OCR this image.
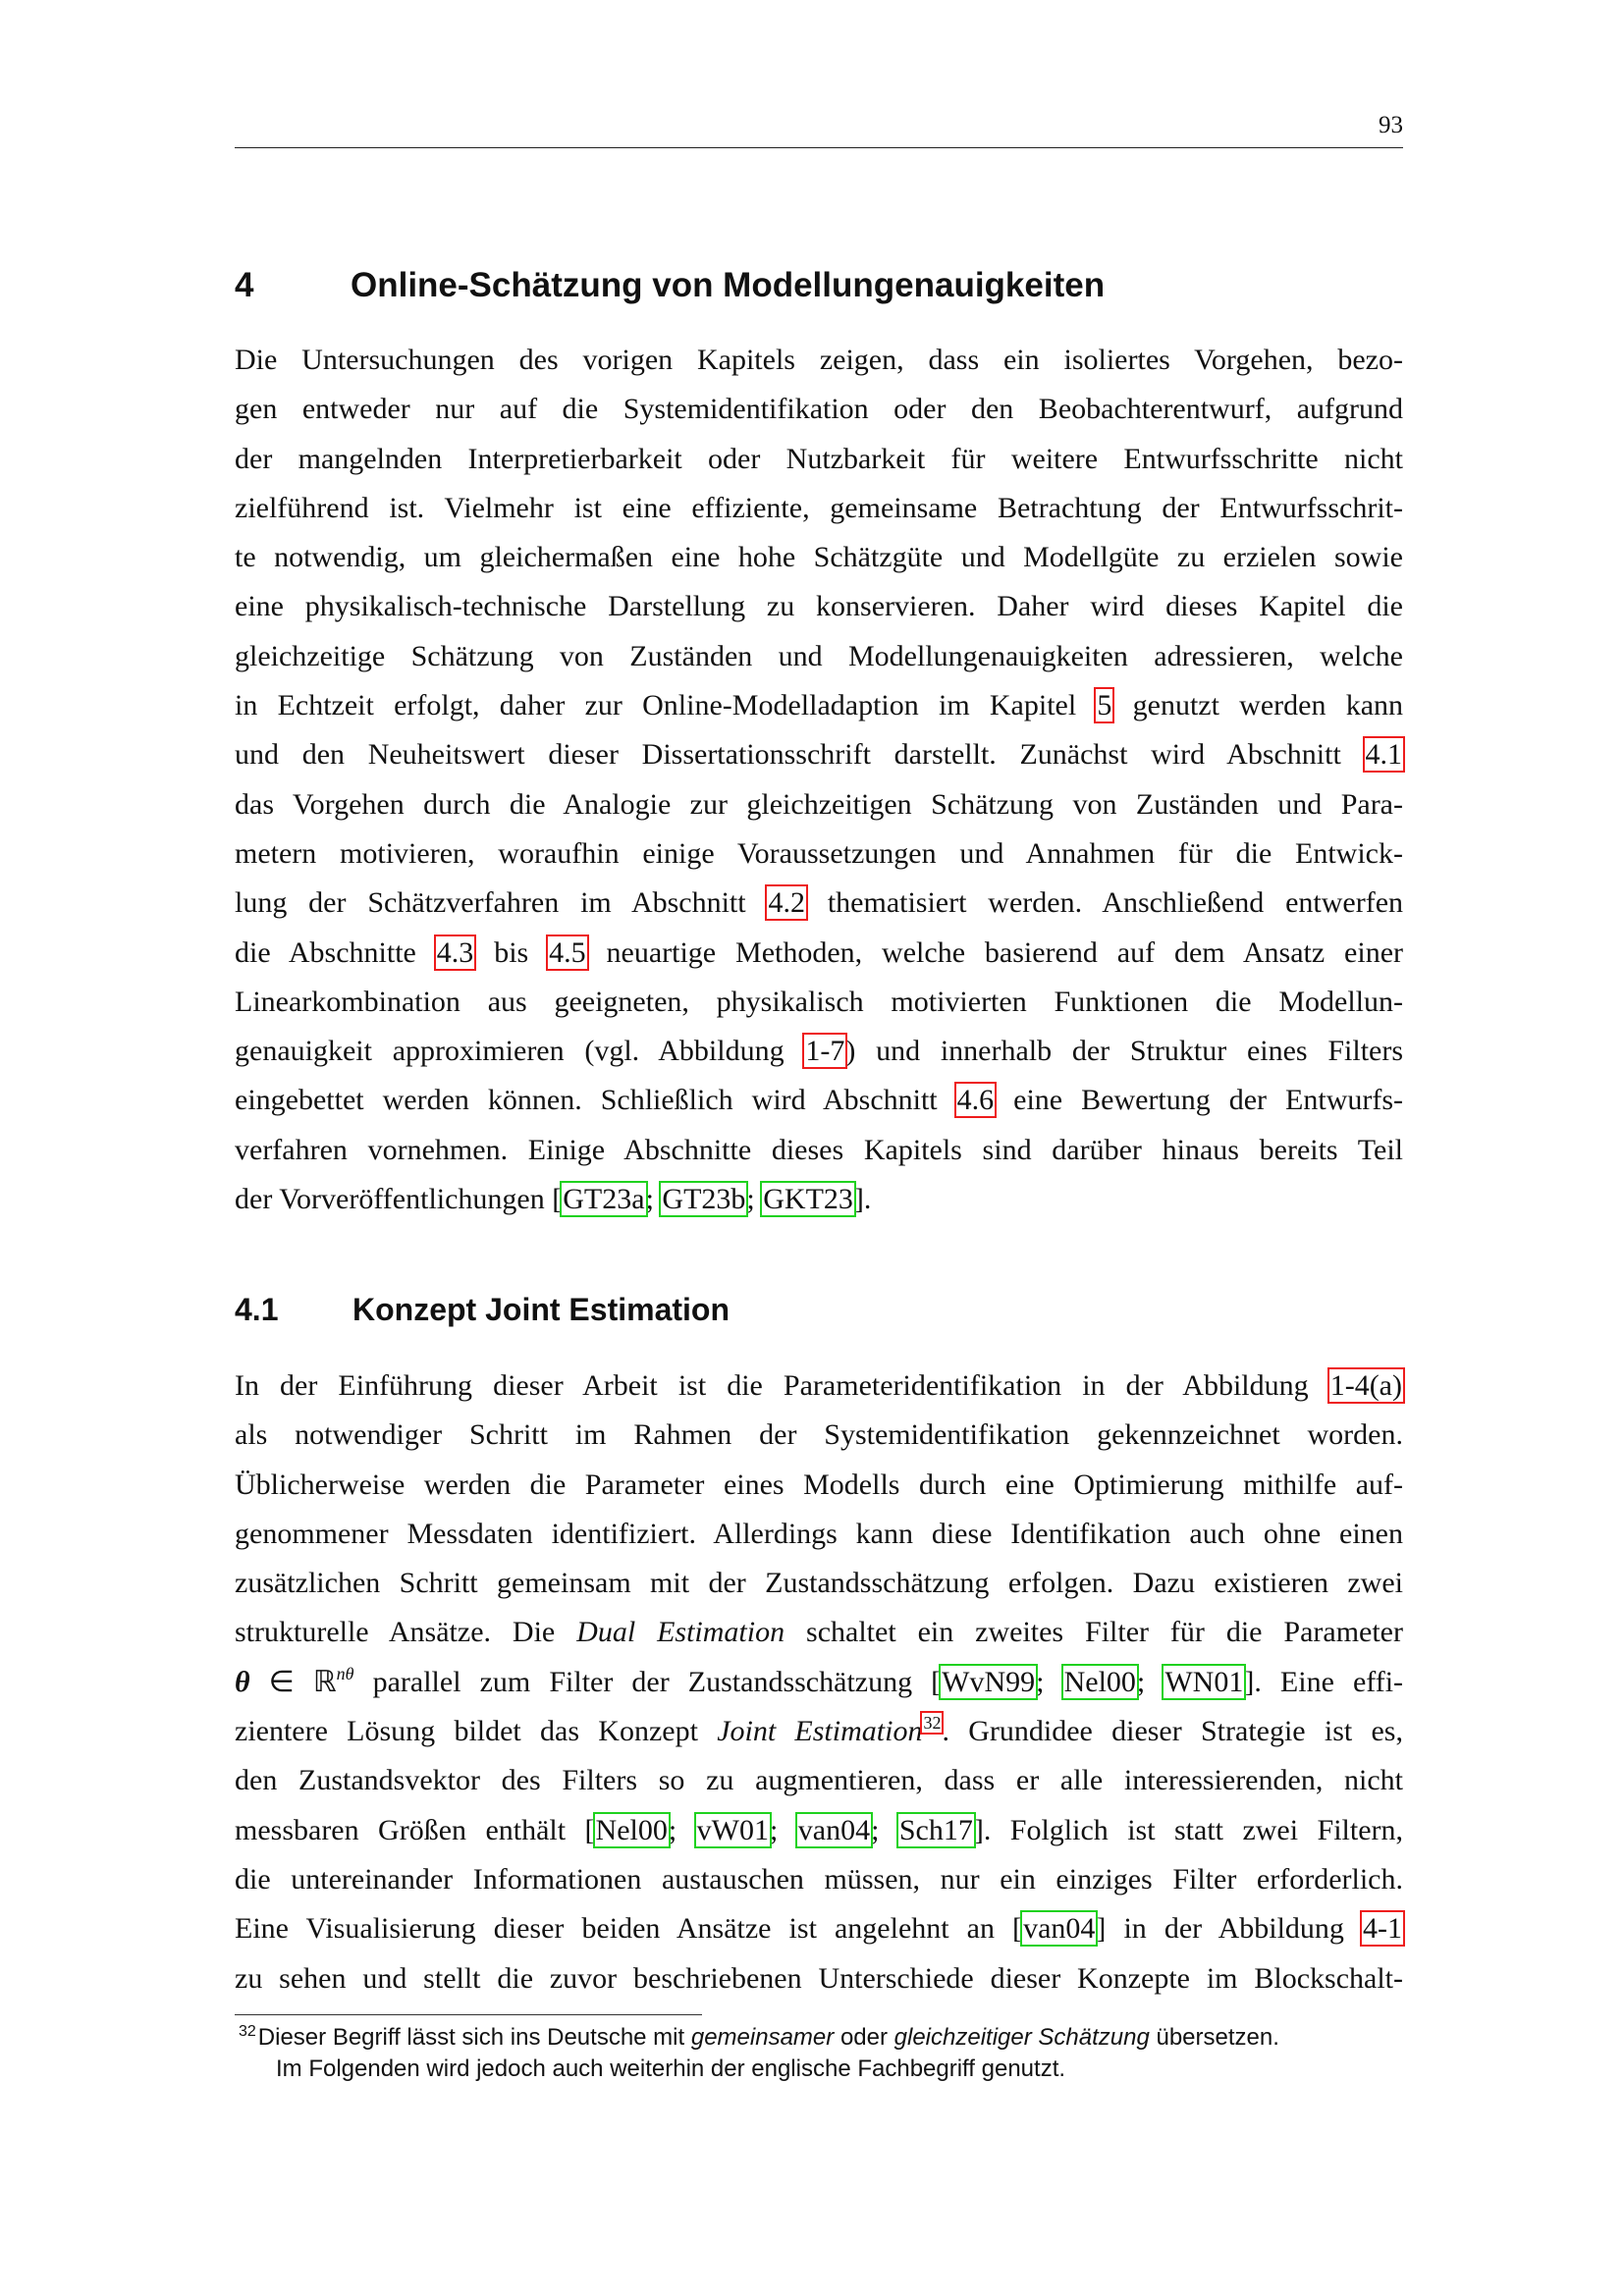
93
4	Online-Schätzung von Modellungenauigkeiten
Die Untersuchungen des vorigen Kapitels zeigen, dass ein isoliertes Vorgehen, bezo-
gen entweder nur auf die Systemidentifikation oder den Beobachterentwurf, aufgrund
der mangelnden Interpretierbarkeit oder Nutzbarkeit für weitere Entwurfsschritte nicht
zielführend ist. Vielmehr ist eine effiziente, gemeinsame Betrachtung der Entwurfsschrit-
te notwendig, um gleichermaßen eine hohe Schätzgüte und Modellgüte zu erzielen sowie
eine physikalisch-technische Darstellung zu konservieren. Daher wird dieses Kapitel die
gleichzeitige Schätzung von Zuständen und Modellungenauigkeiten adressieren, welche
in Echtzeit erfolgt, daher zur Online-Modelladaption im Kapitel 5 genutzt werden kann
und den Neuheitswert dieser Dissertationsschrift darstellt. Zunächst wird Abschnitt 4.1
das Vorgehen durch die Analogie zur gleichzeitigen Schätzung von Zuständen und Para-
metern motivieren, woraufhin einige Voraussetzungen und Annahmen für die Entwick-
lung der Schätzverfahren im Abschnitt 4.2 thematisiert werden. Anschließend entwerfen
die Abschnitte 4.3 bis 4.5 neuartige Methoden, welche basierend auf dem Ansatz einer
Linearkombination aus geeigneten, physikalisch motivierten Funktionen die Modellun-
genauigkeit approximieren (vgl. Abbildung 1-7) und innerhalb der Struktur eines Filters
eingebettet werden können. Schließlich wird Abschnitt 4.6 eine Bewertung der Entwurfs-
verfahren vornehmen. Einige Abschnitte dieses Kapitels sind darüber hinaus bereits Teil
der Vorveröffentlichungen [GT23a; GT23b; GKT23].
4.1 Konzept Joint Estimation
In der Einführung dieser Arbeit ist die Parameteridentifikation in der Abbildung 1-4(a)
als notwendiger Schritt im Rahmen der Systemidentifikation gekennzeichnet worden.
Üblicherweise werden die Parameter eines Modells durch eine Optimierung mithilfe auf-
genommener Messdaten identifiziert. Allerdings kann diese Identifikation auch ohne einen
zusätzlichen Schritt gemeinsam mit der Zustandsschätzung erfolgen. Dazu existieren zwei
strukturelle Ansätze. Die Dual Estimation schaltet ein zweites Filter für die Parameter
θ ∈ ℝ$^{n\theta}$ parallel zum Filter der Zustandsschätzung [WvN99; Nel00; WN01]. Eine effi-
zientere Lösung bildet das Konzept Joint Estimation$^{32}$. Grundidee dieser Strategie ist es,
den Zustandsvektor des Filters so zu augmentieren, dass er alle interessierenden, nicht
messbaren Größen enthält [Nel00; vW01; van04; Sch17]. Folglich ist statt zwei Filtern,
die untereinander Informationen austauschen müssen, nur ein einziges Filter erforderlich.
Eine Visualisierung dieser beiden Ansätze ist angelehnt an [van04] in der Abbildung 4-1
zu sehen und stellt die zuvor beschriebenen Unterschiede dieser Konzepte im Blockschalt-
$^{32}$Dieser Begriff lässt sich ins Deutsche mit gemeinsamer oder gleichzeitiger Schätzung übersetzen.
Im Folgenden wird jedoch auch weiterhin der englische Fachbegriff genutzt.
